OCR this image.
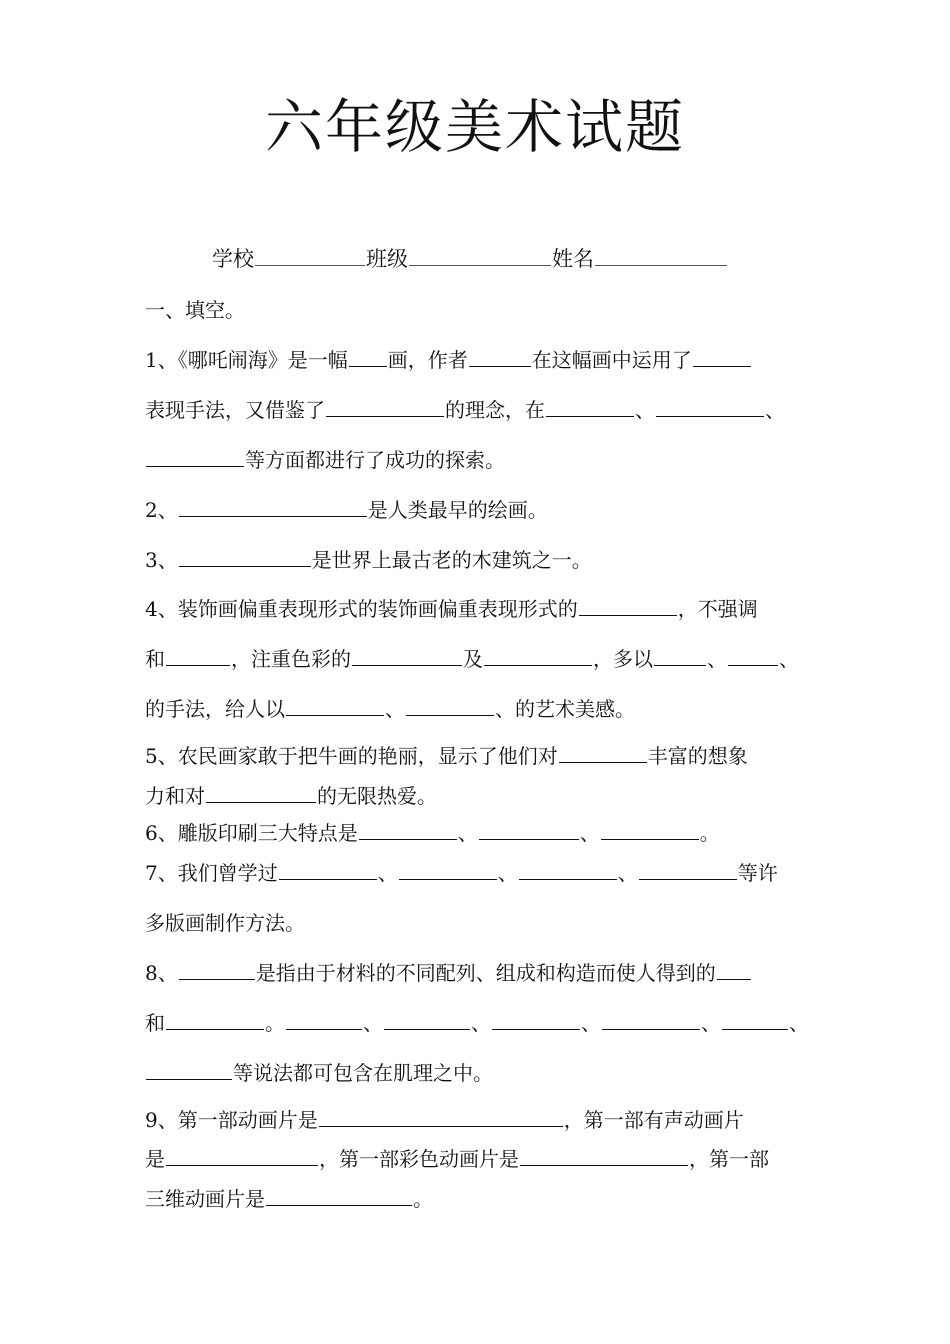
六年级美术试题
学校	班级	姓名
一、填空。
1、《哪吒闹海》是一幅 画，作者	在这幅画中运用了
表现手法，又借鉴了	的理念，在	、	、
等方面都进行了成功的探索。
2、	是人类最早的绘画。
3、	是世界上最古老的木建筑之一。
4、装饰画偏重表现形式的装饰画偏重表现形式的	，不强调
和	，注重色彩的	及	，多以	、	、
的手法，给人以	、	、的艺术美感。
5、农民画家敢于把牛画的艳丽，显示了他们对	丰富的想象
力和对	的无限热爱。
6、雕版印刷三大特点是	、	、	。
7、我们曾学过	、	、	、	等许
多版画制作方法。
8、	是指由于材料的不同配列、组成和构造而使人得到的
和	。	、	、	、	、	、
等说法都可包含在肌理之中。
9、第一部动画片是	，第一部有声动画片
是	，第一部彩色动画片是	，第一部
三维动画片是	。
